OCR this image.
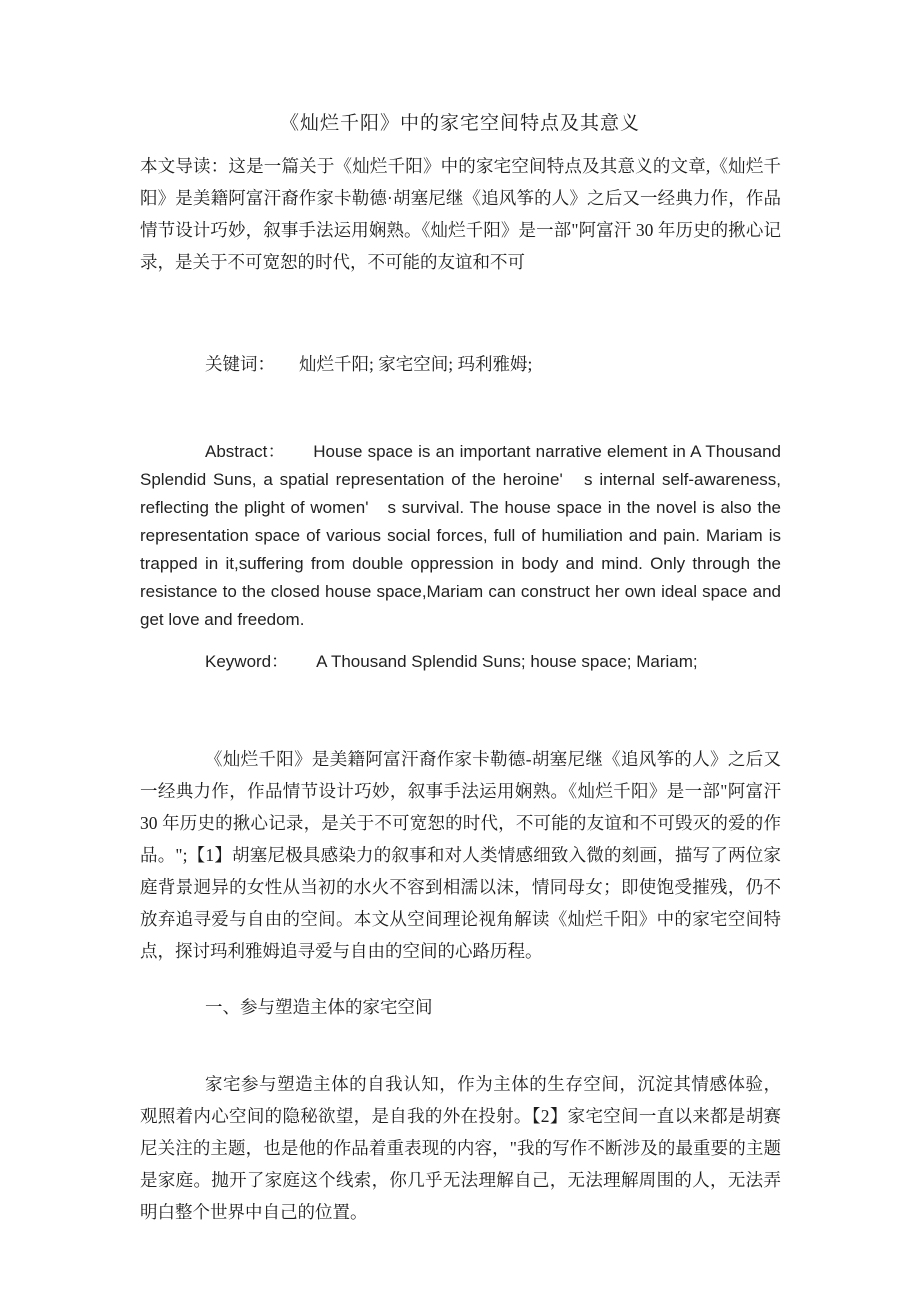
《灿烂千阳》中的家宅空间特点及其意义

本文导读：这是一篇关于《灿烂千阳》中的家宅空间特点及其意义的文章,《灿烂千阳》是美籍阿富汗裔作家卡勒德·胡塞尼继《追风筝的人》之后又一经典力作，作品情节设计巧妙，叙事手法运用娴熟。《灿烂千阳》是一部"阿富汗 30 年历史的揪心记录，是关于不可宽恕的时代，不可能的友谊和不可

关键词： 灿烂千阳; 家宅空间; 玛利雅姆;

Abstract： House space is an important narrative element in A Thousand Splendid Suns, a spatial representation of the heroine'　s internal self-awareness, reflecting the plight of women'　s survival. The house space in the novel is also the representation space of various social forces, full of humiliation and pain. Mariam is trapped in it,suffering from double oppression in body and mind. Only through the resistance to the closed house space,Mariam can construct her own ideal space and get love and freedom.

Keyword： A Thousand Splendid Suns; house space; Mariam;

《灿烂千阳》是美籍阿富汗裔作家卡勒德-胡塞尼继《追风筝的人》之后又一经典力作，作品情节设计巧妙，叙事手法运用娴熟。《灿烂千阳》是一部"阿富汗 30 年历史的揪心记录，是关于不可宽恕的时代，不可能的友谊和不可毁灭的爱的作品。";【1】胡塞尼极具感染力的叙事和对人类情感细致入微的刻画，描写了两位家庭背景迥异的女性从当初的水火不容到相濡以沫，情同母女；即使饱受摧残，仍不放弃追寻爱与自由的空间。本文从空间理论视角解读《灿烂千阳》中的家宅空间特点，探讨玛利雅姆追寻爱与自由的空间的心路历程。

一、参与塑造主体的家宅空间

家宅参与塑造主体的自我认知，作为主体的生存空间，沉淀其情感体验，观照着内心空间的隐秘欲望，是自我的外在投射。【2】家宅空间一直以来都是胡赛尼关注的主题，也是他的作品着重表现的内容，"我的写作不断涉及的最重要的主题是家庭。抛开了家庭这个线索，你几乎无法理解自己，无法理解周围的人，无法弄明白整个世界中自己的位置。
